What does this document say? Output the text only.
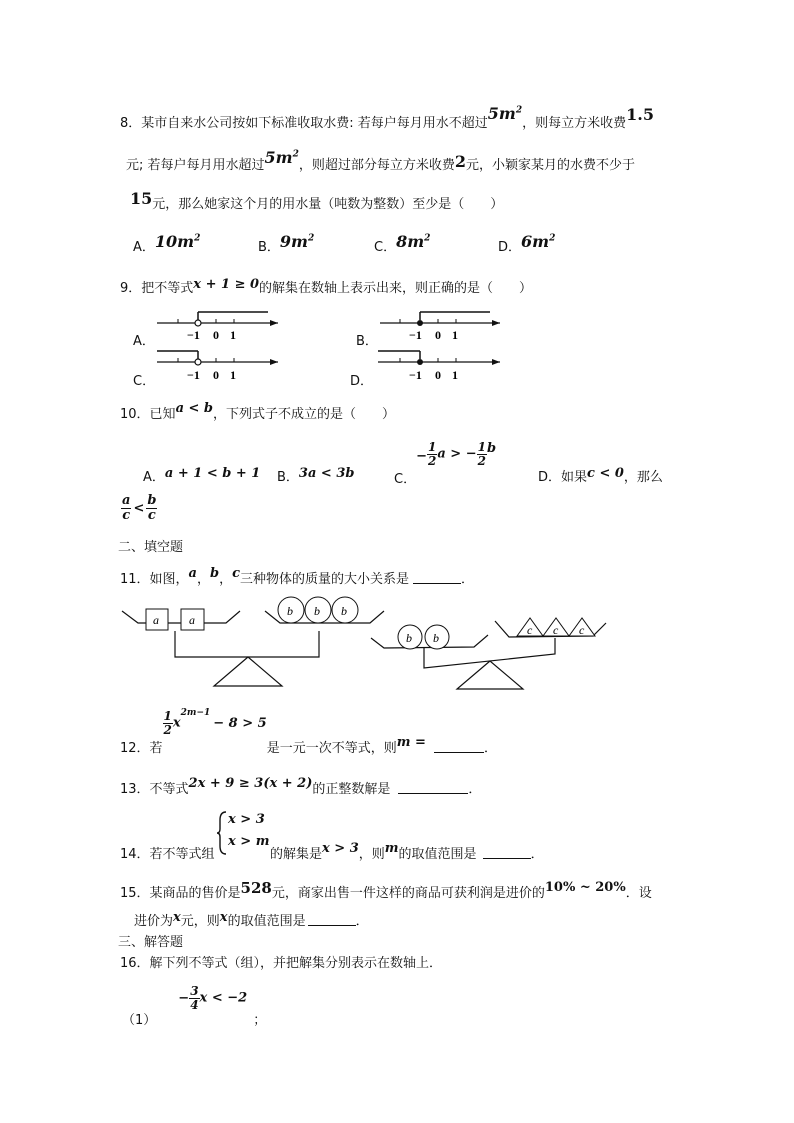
8．某市自来水公司按如下标准收取水费: 若每户每月用水不超过$5m^2$，则每立方米收费1.5
元; 若每户每月用水超过$5m^2$，则超过部分每立方米收费2元，小颖家某月的水费不少于
15元，那么她家这个月的用水量（吨数为整数）至少是（　　）
A．$10m^2$
B．$9m^2$
C．$8m^2$
D．$6m^2$
9．把不等式x + 1 ≥ 0的解集在数轴上表示出来，则正确的是（　　）
A．	B．
C．	D．
−1 0 1	−1 0 1
−1 0 1	−1 0 1
10．已知a < b，下列式子不成立的是（　　）
A．a + 1 < b + 1 B．3a < 3b	C．− $\frac{1}{2}$ a > − $\frac{1}{2}$ b
D．如果c < 0，那么
$\frac{a}{c} < \frac{b}{c}$
二、填空题
11．如图，a，b，c三种物体的质量的大小关系是	．
a	a
b b b
b b
c c c
12．若
$\frac{1}{2} x^{2m-1}- 8 > 5$是一元一次不等式，则m =	．
13．不等式2x + 9 ≥ 3(x + 2)的正整数解是	．
14．若不等式组
x > 3
x > m
的解集是x > 3，则m的取值范围是	．
15．某商品的售价是528元，商家出售一件这样的商品可获利润是进价的10% ~ 20%．设
进价为x元，则x的取值范围是	．
三、解答题
16．解下列不等式（组），并把解集分别表示在数轴上．
$(1)- \frac{3}{4}$ x < −2；
